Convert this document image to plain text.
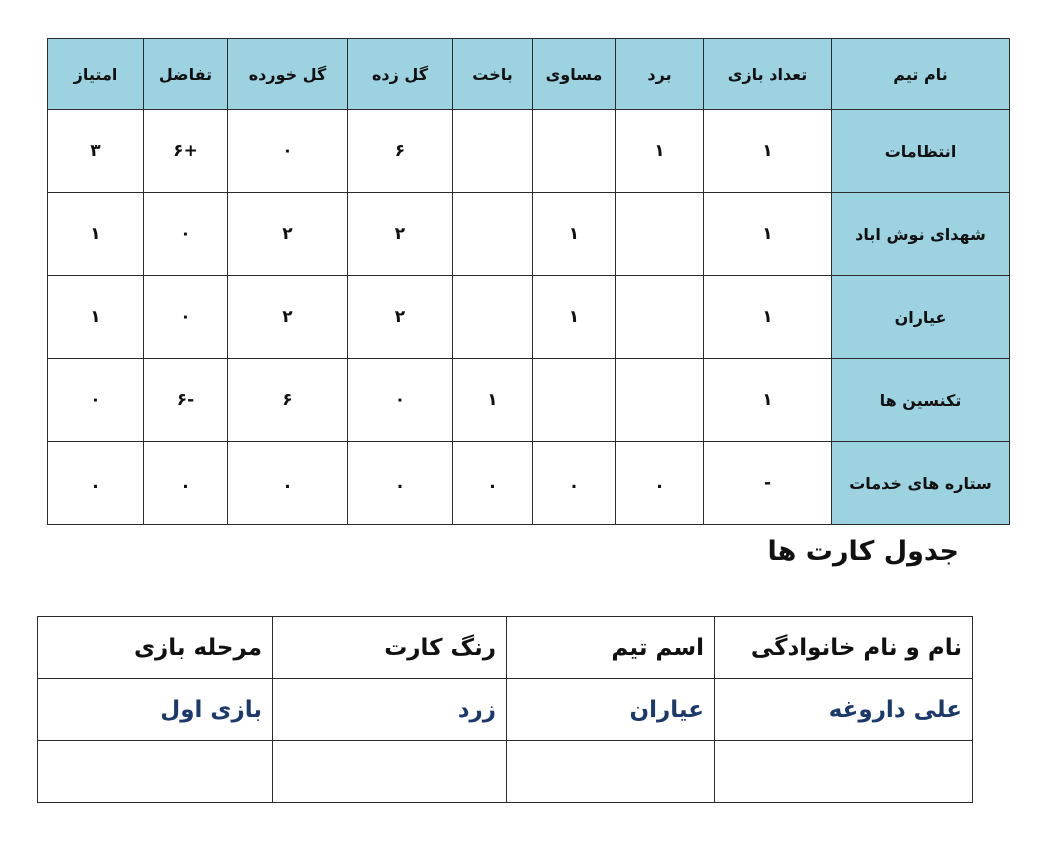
نام تیم	تعداد بازی	برد	مساوی	باخت	گل زده	گل خورده	تفاضل	امتیاز
انتظامات	۱	۱			۶	۰	+۶	۳
شهدای نوش اباد	۱		۱		۲	۲	۰	۱
عیاران	۱		۱		۲	۲	۰	۱
تکنسین ها	۱			۱	۰	۶	-۶	۰
ستاره های خدمات	-	.	.	.	.	.	.	.
جدول کارت ها
نام و نام خانوادگی	اسم تیم	رنگ کارت	مرحله بازی
علی داروغه	عیاران	زرد	بازی اول
